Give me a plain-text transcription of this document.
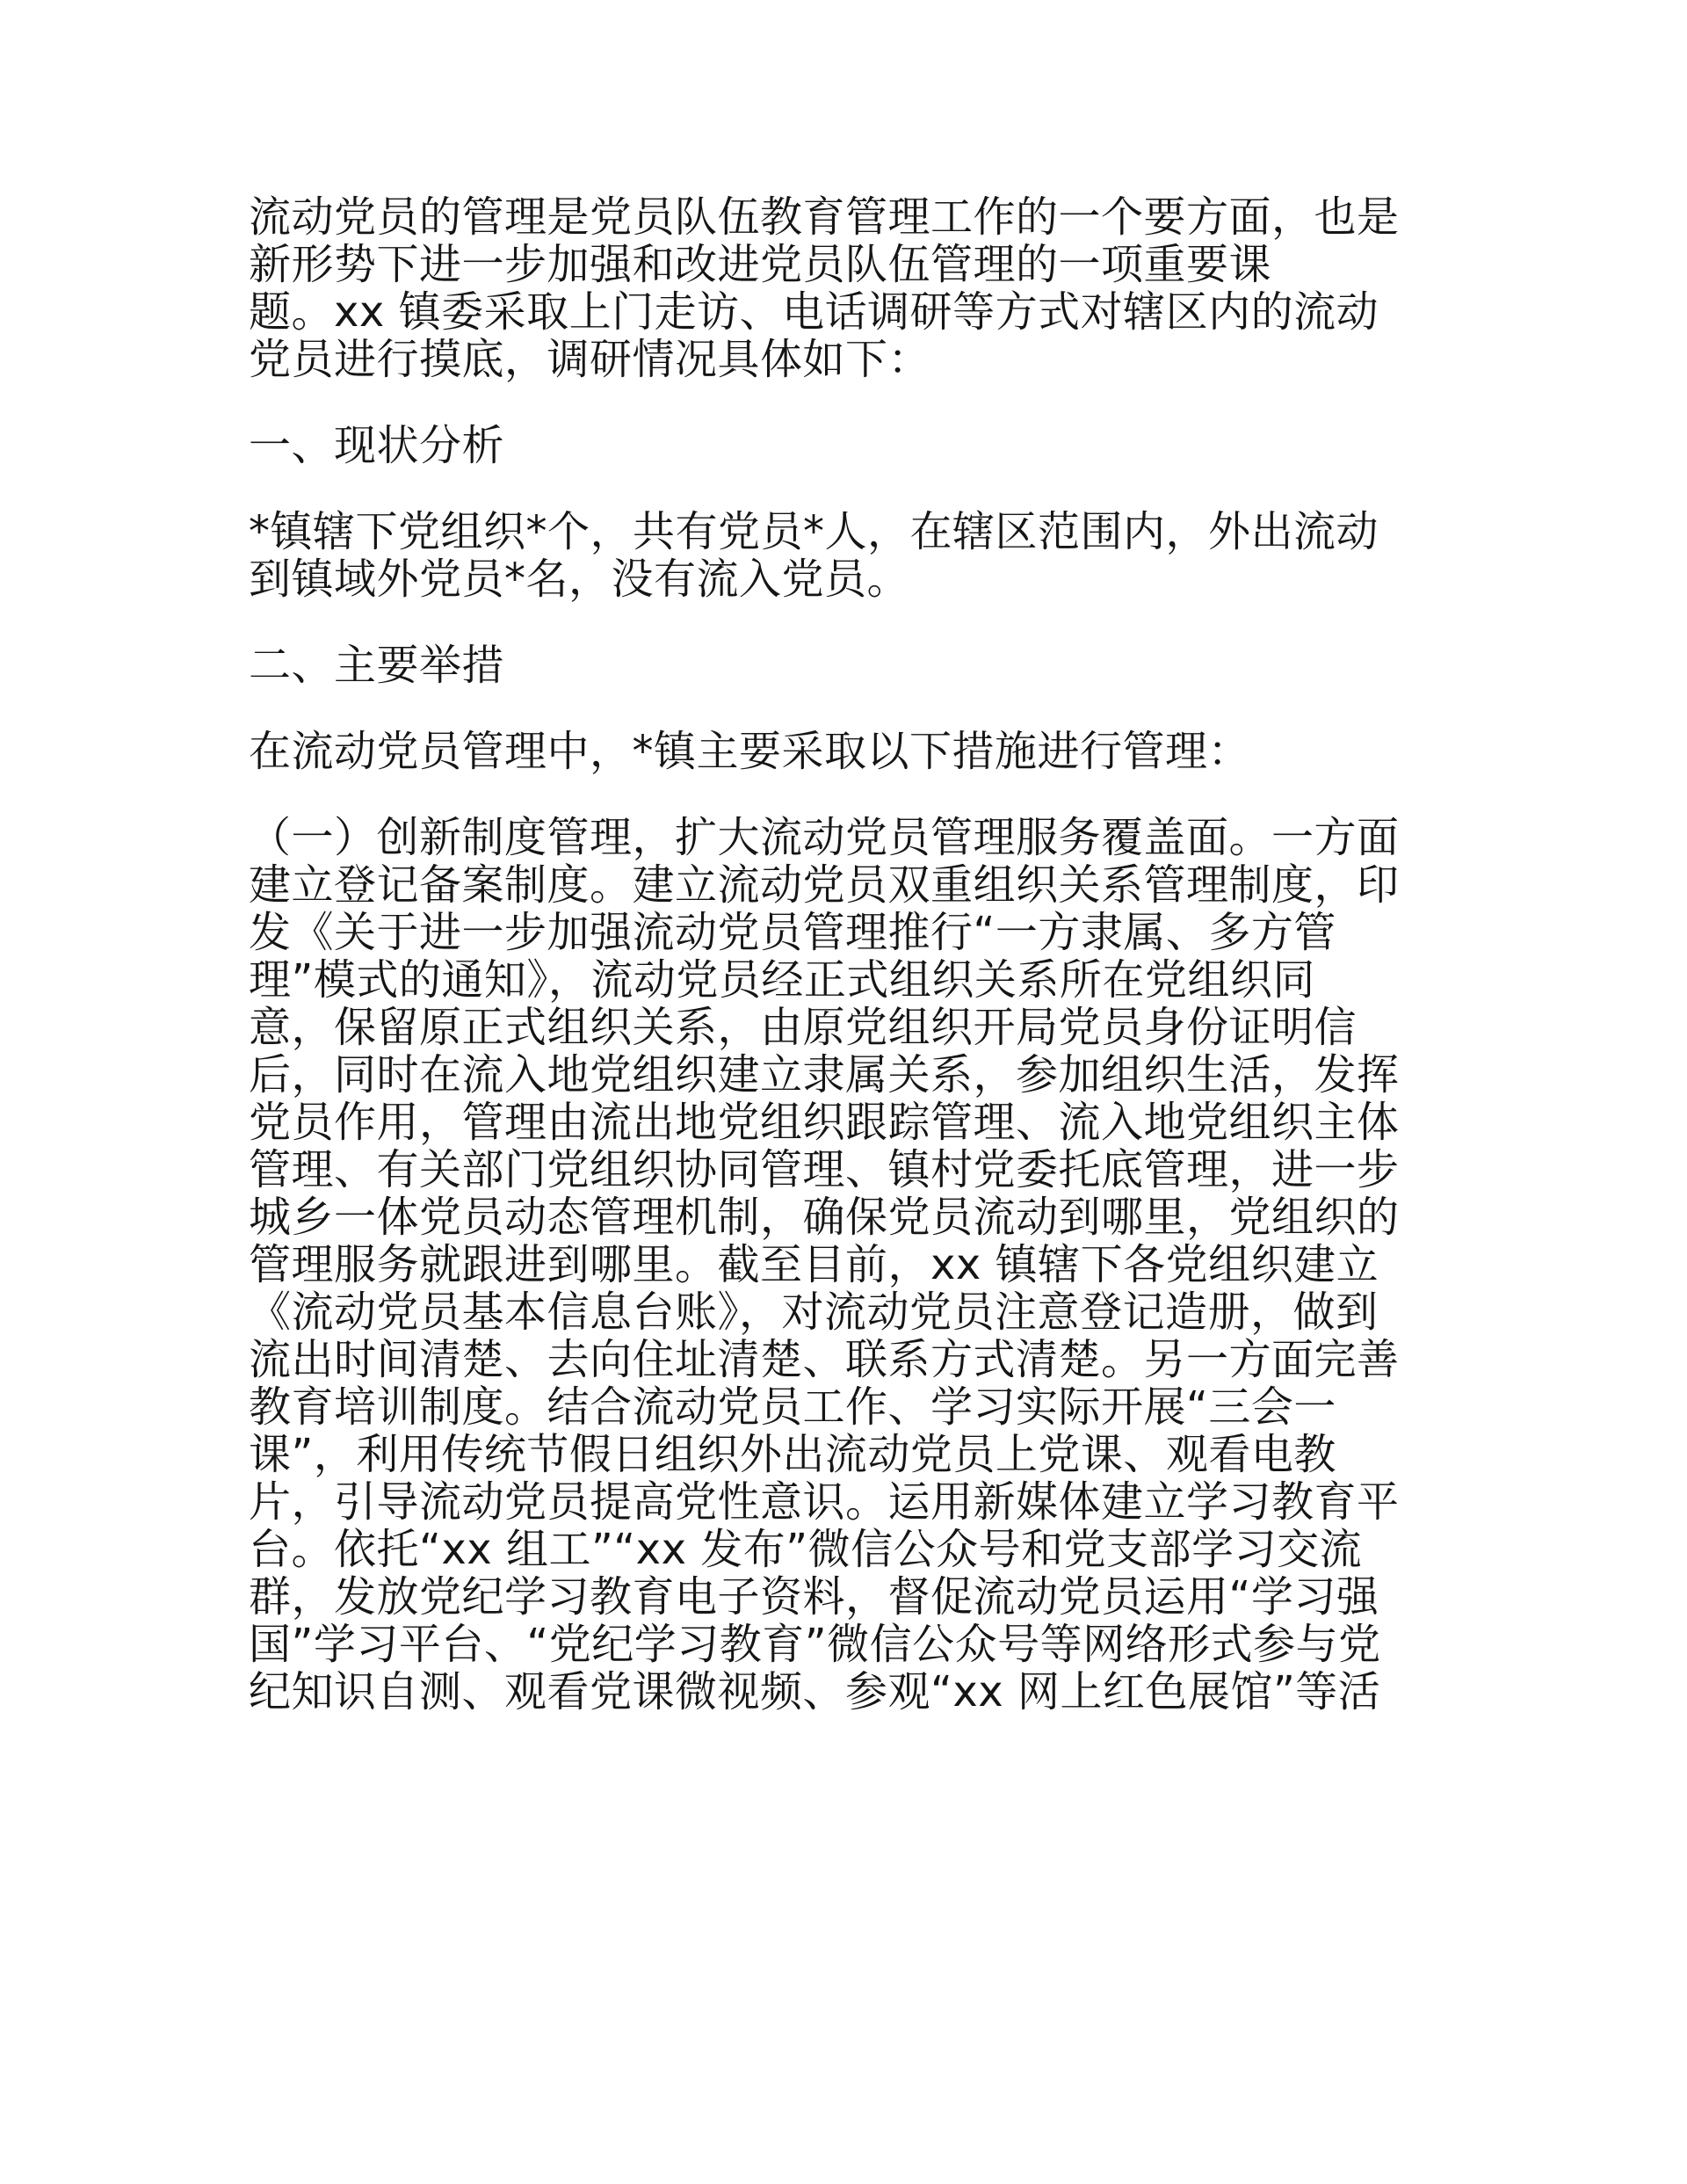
流动党员的管理是党员队伍教育管理工作的一个要方面，也是
新形势下进一步加强和改进党员队伍管理的一项重要课
题。xx 镇委采取上门走访、电话调研等方式对辖区内的流动
党员进行摸底，调研情况具体如下：
一、现状分析
*镇辖下党组织*个，共有党员*人，在辖区范围内，外出流动
到镇域外党员*名，没有流入党员。
二、主要举措
在流动党员管理中，*镇主要采取以下措施进行管理：
（一）创新制度管理，扩大流动党员管理服务覆盖面。一方面
建立登记备案制度。建立流动党员双重组织关系管理制度，印
发《关于进一步加强流动党员管理推行“一方隶属、多方管
理”模式的通知》，流动党员经正式组织关系所在党组织同
意，保留原正式组织关系，由原党组织开局党员身份证明信
后，同时在流入地党组织建立隶属关系，参加组织生活，发挥
党员作用，管理由流出地党组织跟踪管理、流入地党组织主体
管理、有关部门党组织协同管理、镇村党委托底管理，进一步
城乡一体党员动态管理机制，确保党员流动到哪里，党组织的
管理服务就跟进到哪里。截至目前，xx 镇辖下各党组织建立
《流动党员基本信息台账》，对流动党员注意登记造册，做到
流出时间清楚、去向住址清楚、联系方式清楚。另一方面完善
教育培训制度。结合流动党员工作、学习实际开展“三会一
课”，利用传统节假日组织外出流动党员上党课、观看电教
片，引导流动党员提高党性意识。运用新媒体建立学习教育平
台。依托“xx 组工”“xx 发布”微信公众号和党支部学习交流
群，发放党纪学习教育电子资料，督促流动党员运用“学习强
国”学习平台、“党纪学习教育”微信公众号等网络形式参与党
纪知识自测、观看党课微视频、参观“xx 网上红色展馆”等活
